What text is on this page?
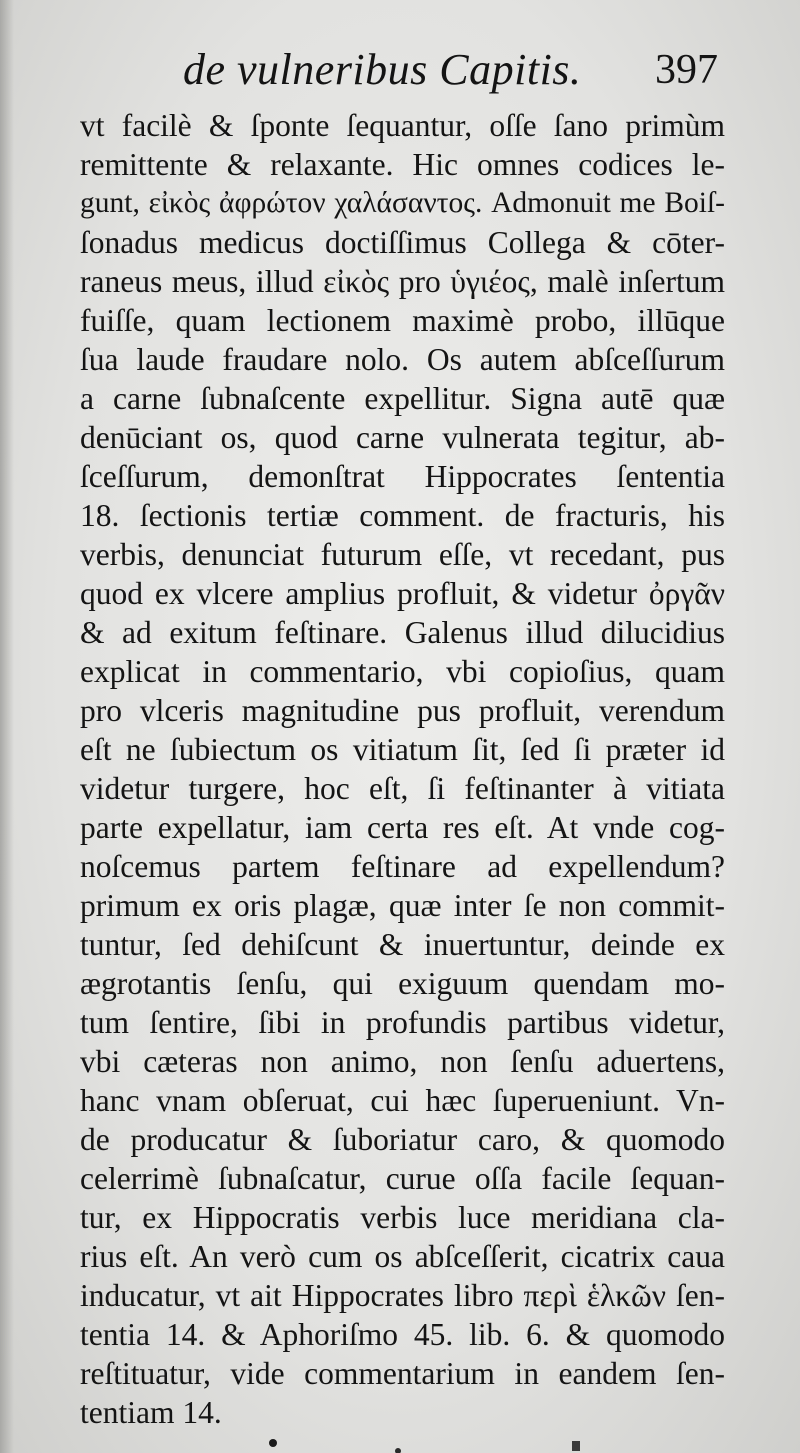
de vulneribus Capitis. 397
vt facilè & ſponte ſequantur, oſſe ſano primùm
remittente & relaxante. Hic omnes codices le-
gunt, εἰκὸς ἀφρώτον χαλάσαντος. Admonuit me Boiſ-
ſonadus medicus doctiſſimus Collega & cōter-
raneus meus, illud εἰκὸς pro ὑγιέος, malè inſertum
fuiſſe, quam lectionem maximè probo, illūque
ſua laude fraudare nolo. Os autem abſceſſurum
a carne ſubnaſcente expellitur. Signa autē quæ
denūciant os, quod carne vulnerata tegitur, ab-
ſceſſurum, demonſtrat Hippocrates ſententia
18. ſectionis tertiæ comment. de fracturis, his
verbis, denunciat futurum eſſe, vt recedant, pus
quod ex vlcere amplius profluit, & videtur ὀργᾶν
& ad exitum feſtinare. Galenus illud dilucidius
explicat in commentario, vbi copioſius, quam
pro vlceris magnitudine pus profluit, verendum
eſt ne ſubiectum os vitiatum ſit, ſed ſi præter id
videtur turgere, hoc eſt, ſi feſtinanter à vitiata
parte expellatur, iam certa res eſt. At vnde cog-
noſcemus partem feſtinare ad expellendum?
primum ex oris plagæ, quæ inter ſe non commit-
tuntur, ſed dehiſcunt & inuertuntur, deinde ex
ægrotantis ſenſu, qui exiguum quendam mo-
tum ſentire, ſibi in profundis partibus videtur,
vbi cæteras non animo, non ſenſu aduertens,
hanc vnam obſeruat, cui hæc ſuperueniunt. Vn-
de producatur & ſuboriatur caro, & quomodo
celerrimè ſubnaſcatur, curue oſſa facile ſequan-
tur, ex Hippocratis verbis luce meridiana cla-
rius eſt. An verò cum os abſceſſerit, cicatrix caua
inducatur, vt ait Hippocrates libro περὶ ἑλκῶν ſen-
tentia 14. & Aphoriſmo 45. lib. 6. & quomodo
reſtituatur, vide commentarium in eandem ſen-
tentiam 14.
